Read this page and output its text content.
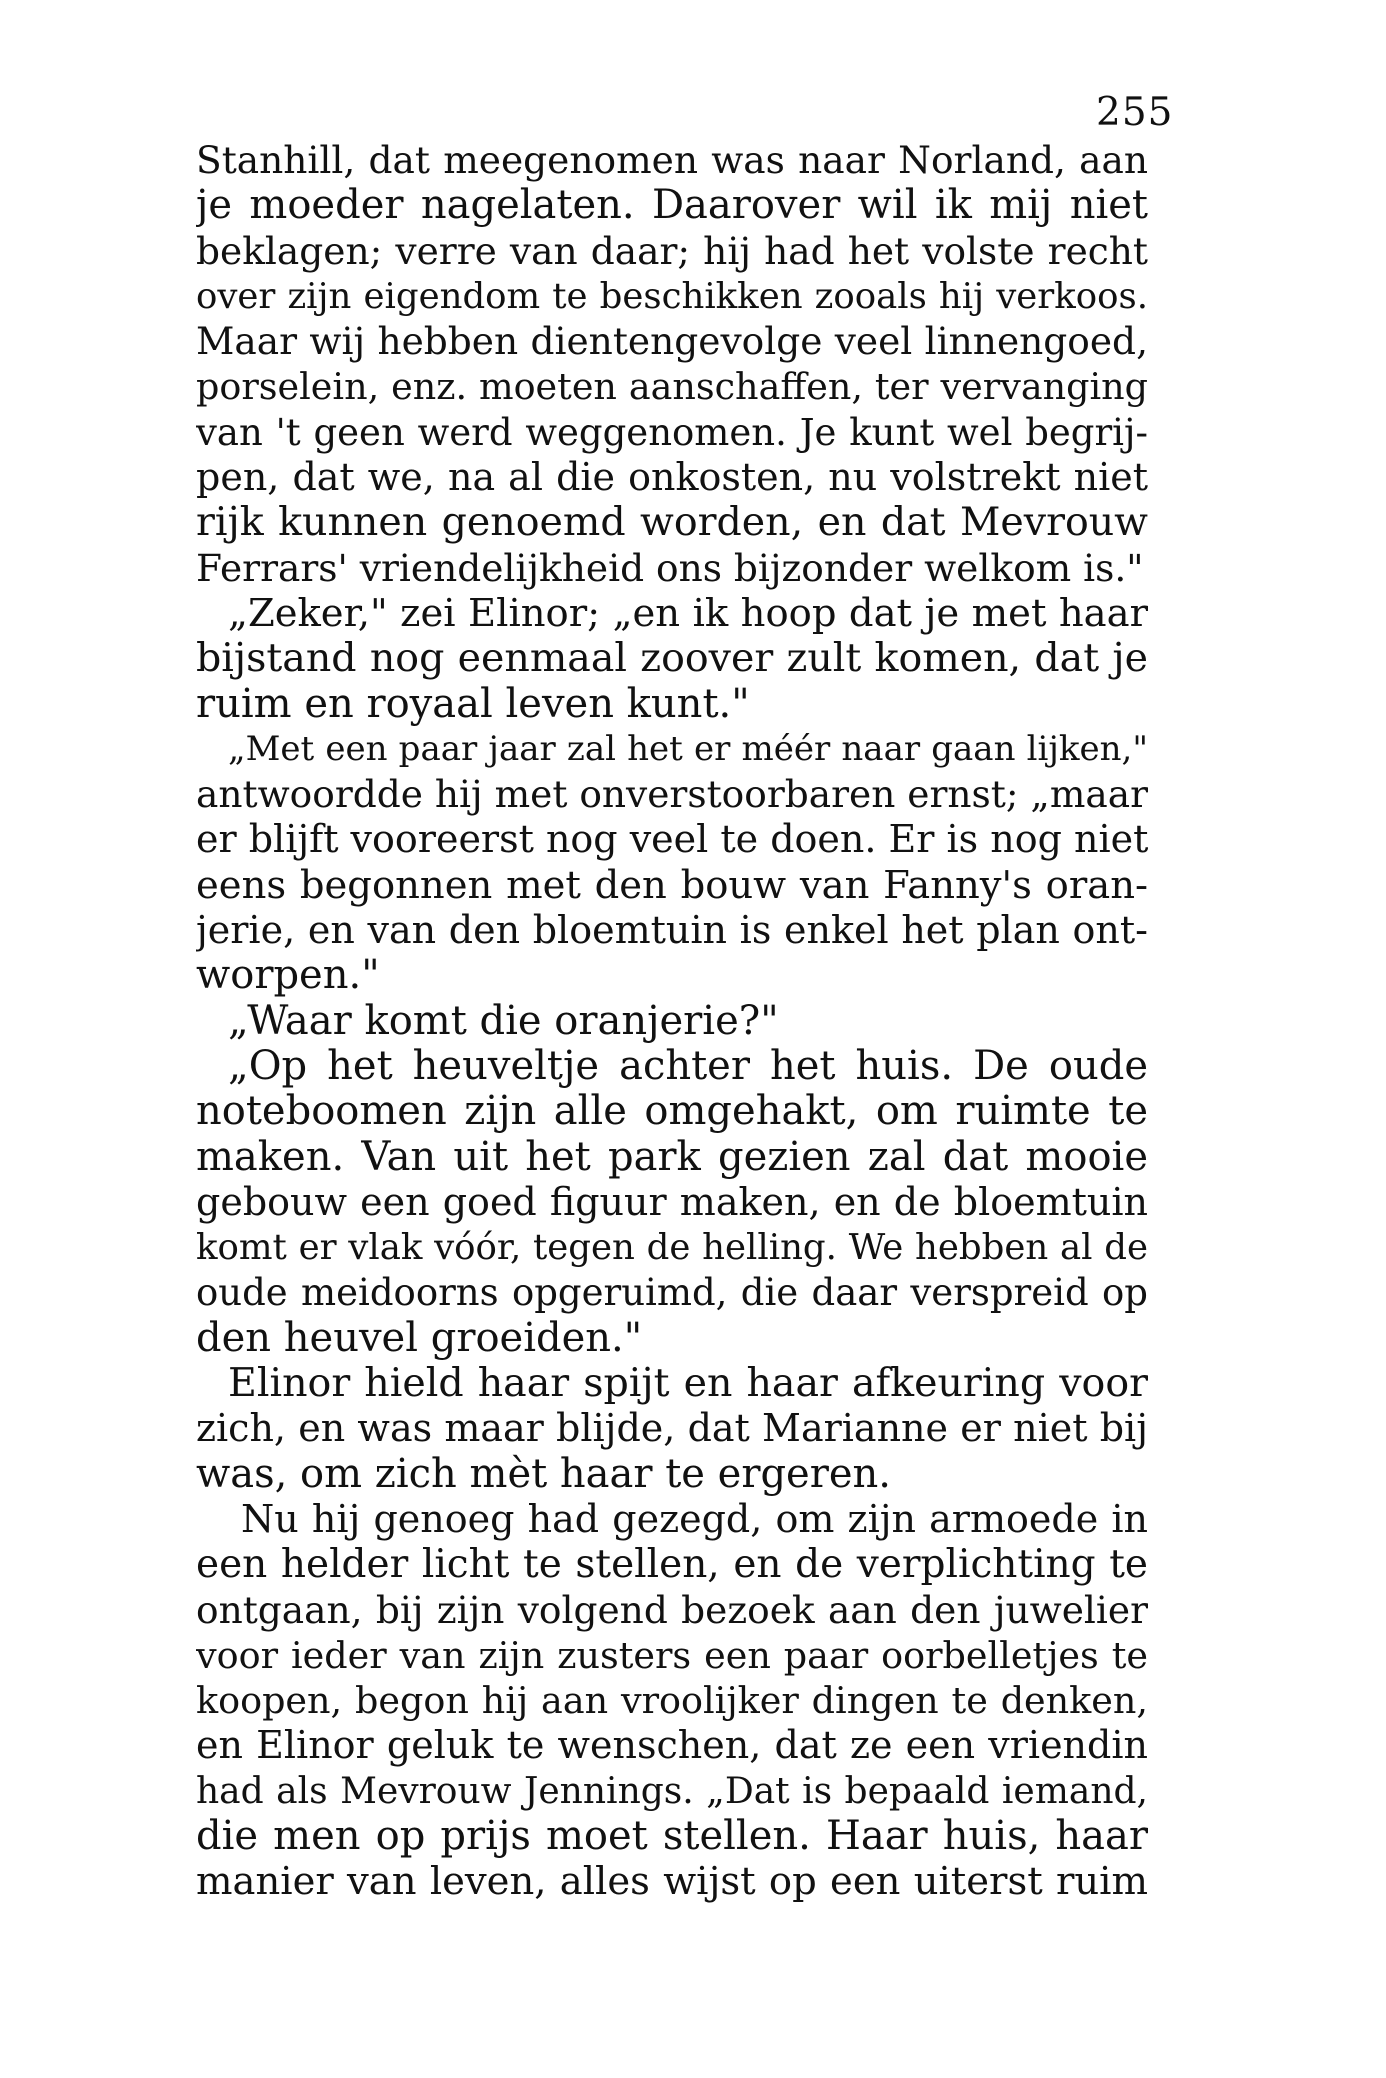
255
Stanhill, dat meegenomen was naar Norland, aan
je moeder nagelaten. Daarover wil ik mij niet
beklagen; verre van daar; hij had het volste recht
over zijn eigendom te beschikken zooals hij verkoos.
Maar wij hebben dientengevolge veel linnengoed,
porselein, enz. moeten aanschaffen, ter vervanging
van 't geen werd weggenomen. Je kunt wel begrij-
pen, dat we, na al die onkosten, nu volstrekt niet
rijk kunnen genoemd worden, en dat Mevrouw
Ferrars' vriendelijkheid ons bijzonder welkom is."
„Zeker," zei Elinor; „en ik hoop dat je met haar
bijstand nog eenmaal zoover zult komen, dat je
ruim en royaal leven kunt."
„Met een paar jaar zal het er méér naar gaan lijken,"
antwoordde hij met onverstoorbaren ernst; „maar
er blijft vooreerst nog veel te doen. Er is nog niet
eens begonnen met den bouw van Fanny's oran-
jerie, en van den bloemtuin is enkel het plan ont-
worpen."
„Waar komt die oranjerie?"
„Op het heuveltje achter het huis. De oude
noteboomen zijn alle omgehakt, om ruimte te
maken. Van uit het park gezien zal dat mooie
gebouw een goed figuur maken, en de bloemtuin
komt er vlak vóór, tegen de helling. We hebben al de
oude meidoorns opgeruimd, die daar verspreid op
den heuvel groeiden."
Elinor hield haar spijt en haar afkeuring voor
zich, en was maar blijde, dat Marianne er niet bij
was, om zich mèt haar te ergeren.
Nu hij genoeg had gezegd, om zijn armoede in
een helder licht te stellen, en de verplichting te
ontgaan, bij zijn volgend bezoek aan den juwelier
voor ieder van zijn zusters een paar oorbelletjes te
koopen, begon hij aan vroolijker dingen te denken,
en Elinor geluk te wenschen, dat ze een vriendin
had als Mevrouw Jennings. „Dat is bepaald iemand,
die men op prijs moet stellen. Haar huis, haar
manier van leven, alles wijst op een uiterst ruim
